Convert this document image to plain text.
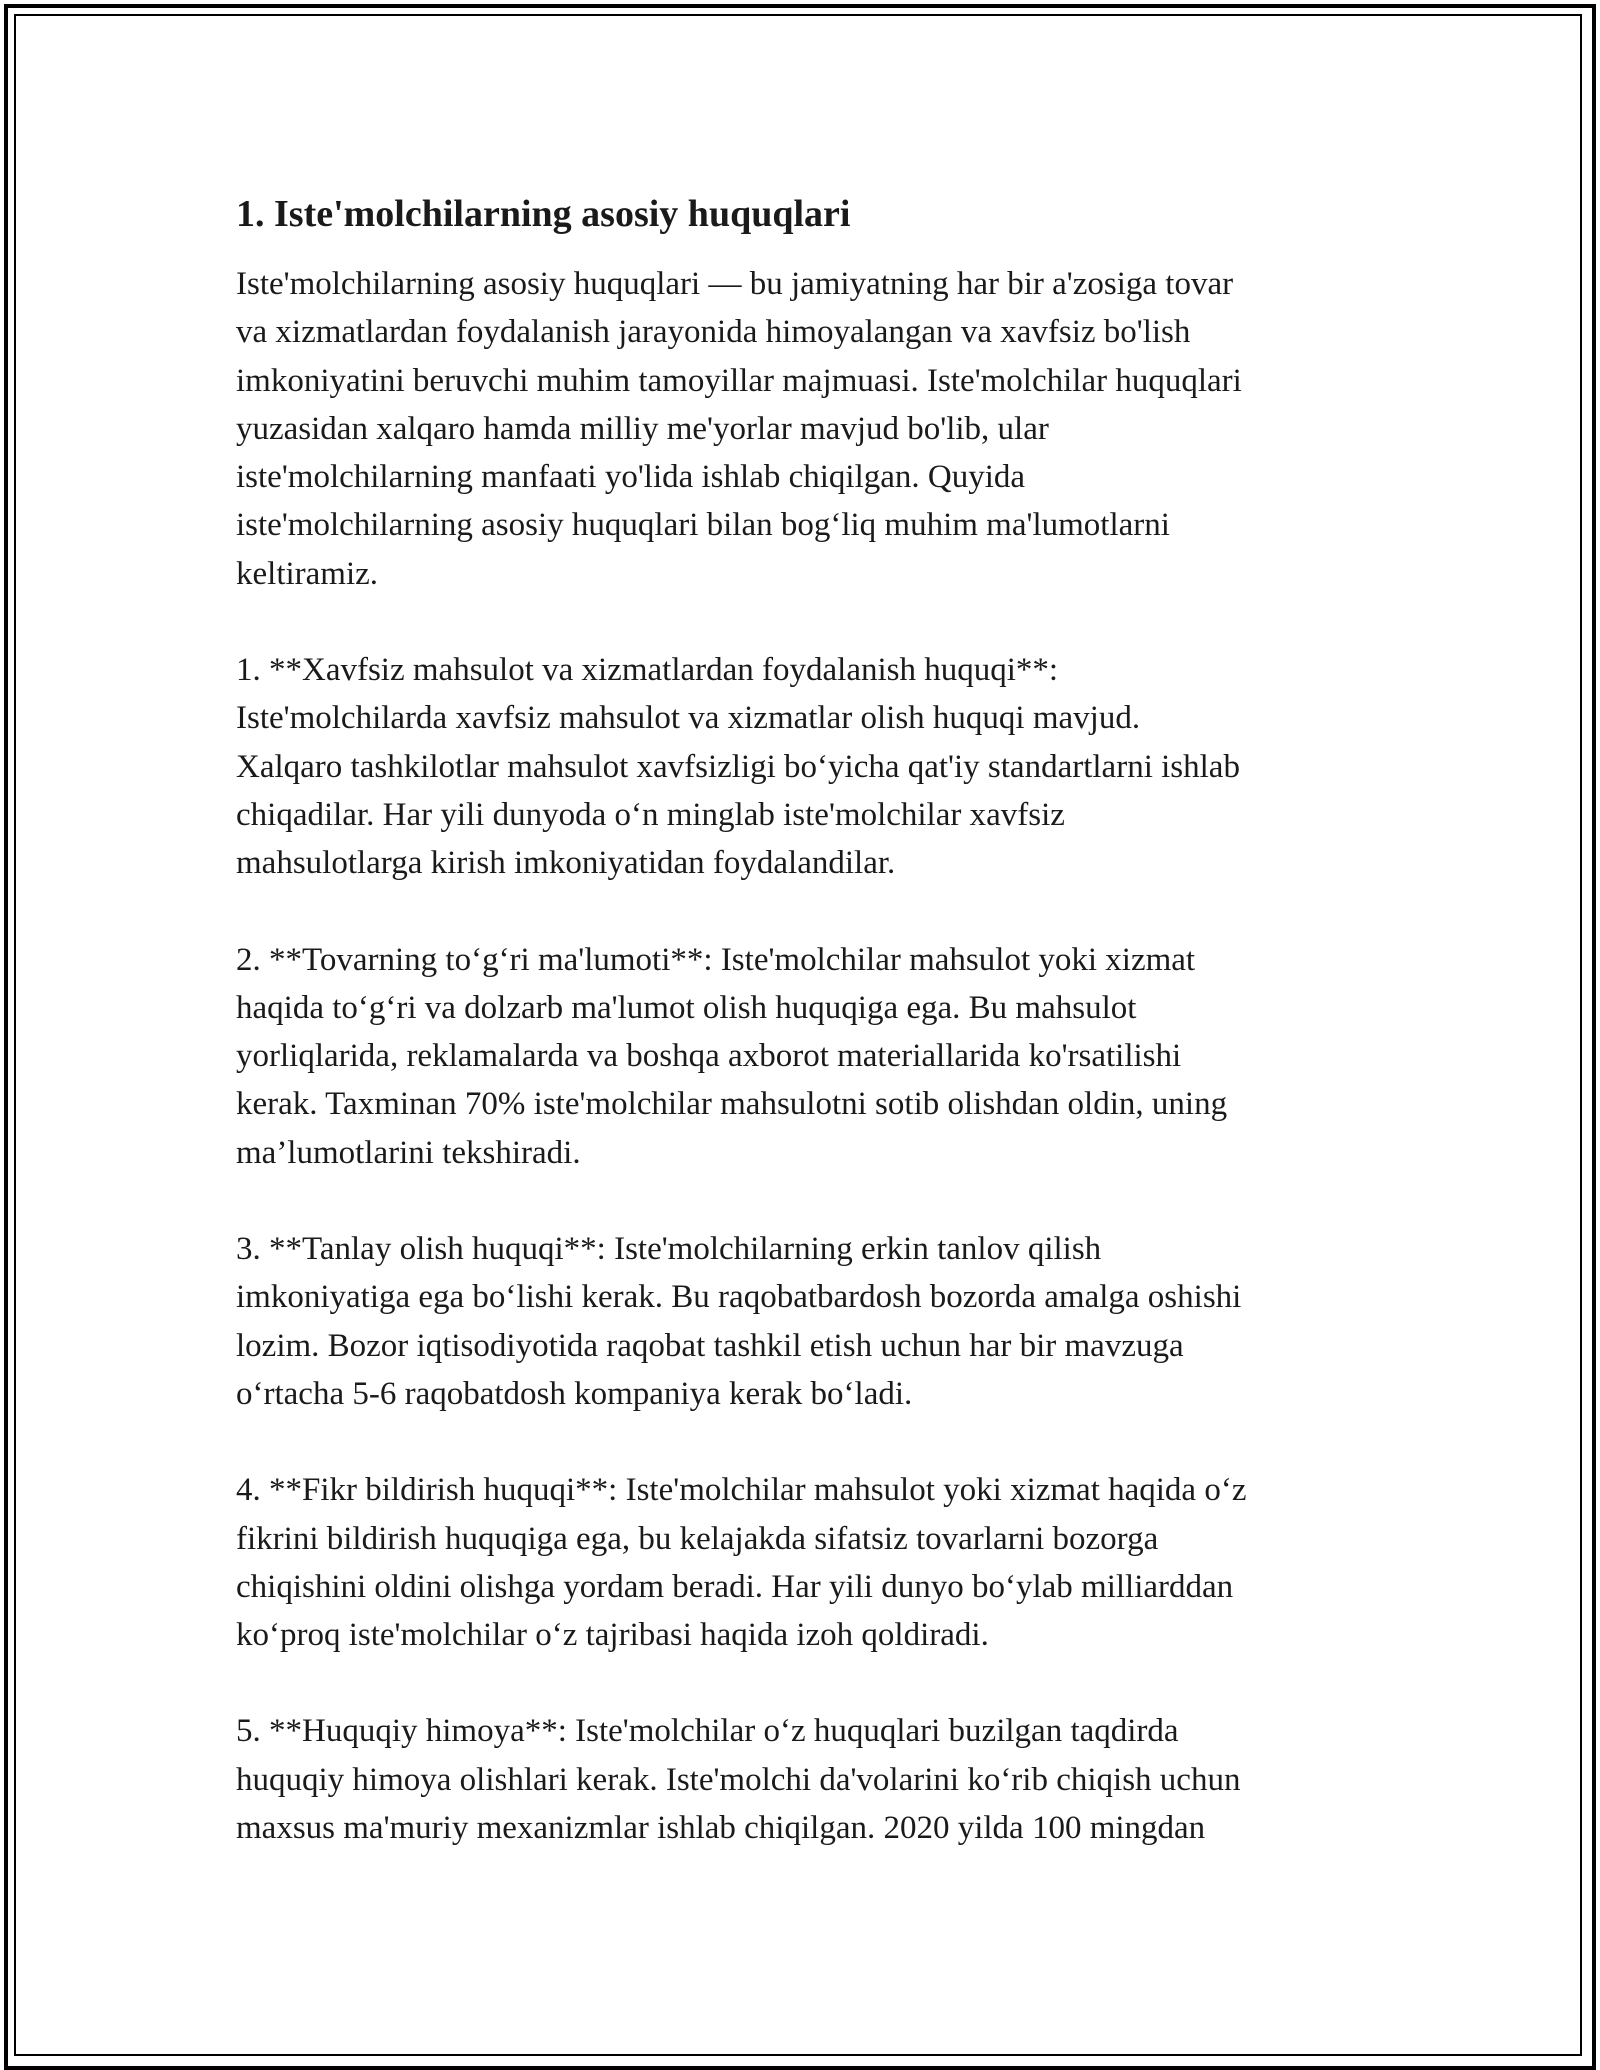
1. Iste'molchilarning asosiy huquqlari

Iste'molchilarning asosiy huquqlari — bu jamiyatning har bir a'zosiga tovar
va xizmatlardan foydalanish jarayonida himoyalangan va xavfsiz bo'lish
imkoniyatini beruvchi muhim tamoyillar majmuasi. Iste'molchilar huquqlari
yuzasidan xalqaro hamda milliy me'yorlar mavjud bo'lib, ular
iste'molchilarning manfaati yo'lida ishlab chiqilgan. Quyida
iste'molchilarning asosiy huquqlari bilan bog‘liq muhim ma'lumotlarni
keltiramiz.

1. **Xavfsiz mahsulot va xizmatlardan foydalanish huquqi**:
Iste'molchilarda xavfsiz mahsulot va xizmatlar olish huquqi mavjud.
Xalqaro tashkilotlar mahsulot xavfsizligi bo‘yicha qat'iy standartlarni ishlab
chiqadilar. Har yili dunyoda o‘n minglab iste'molchilar xavfsiz
mahsulotlarga kirish imkoniyatidan foydalandilar.

2. **Tovarning to‘g‘ri ma'lumoti**: Iste'molchilar mahsulot yoki xizmat
haqida to‘g‘ri va dolzarb ma'lumot olish huquqiga ega. Bu mahsulot
yorliqlarida, reklamalarda va boshqa axborot materiallarida ko'rsatilishi
kerak. Taxminan 70% iste'molchilar mahsulotni sotib olishdan oldin, uning
ma’lumotlarini tekshiradi.

3. **Tanlay olish huquqi**: Iste'molchilarning erkin tanlov qilish
imkoniyatiga ega bo‘lishi kerak. Bu raqobatbardosh bozorda amalga oshishi
lozim. Bozor iqtisodiyotida raqobat tashkil etish uchun har bir mavzuga
o‘rtacha 5-6 raqobatdosh kompaniya kerak bo‘ladi.

4. **Fikr bildirish huquqi**: Iste'molchilar mahsulot yoki xizmat haqida o‘z
fikrini bildirish huquqiga ega, bu kelajakda sifatsiz tovarlarni bozorga
chiqishini oldini olishga yordam beradi. Har yili dunyo bo‘ylab milliarddan
ko‘proq iste'molchilar o‘z tajribasi haqida izoh qoldiradi.

5. **Huquqiy himoya**: Iste'molchilar o‘z huquqlari buzilgan taqdirda
huquqiy himoya olishlari kerak. Iste'molchi da'volarini ko‘rib chiqish uchun
maxsus ma'muriy mexanizmlar ishlab chiqilgan. 2020 yilda 100 mingdan
